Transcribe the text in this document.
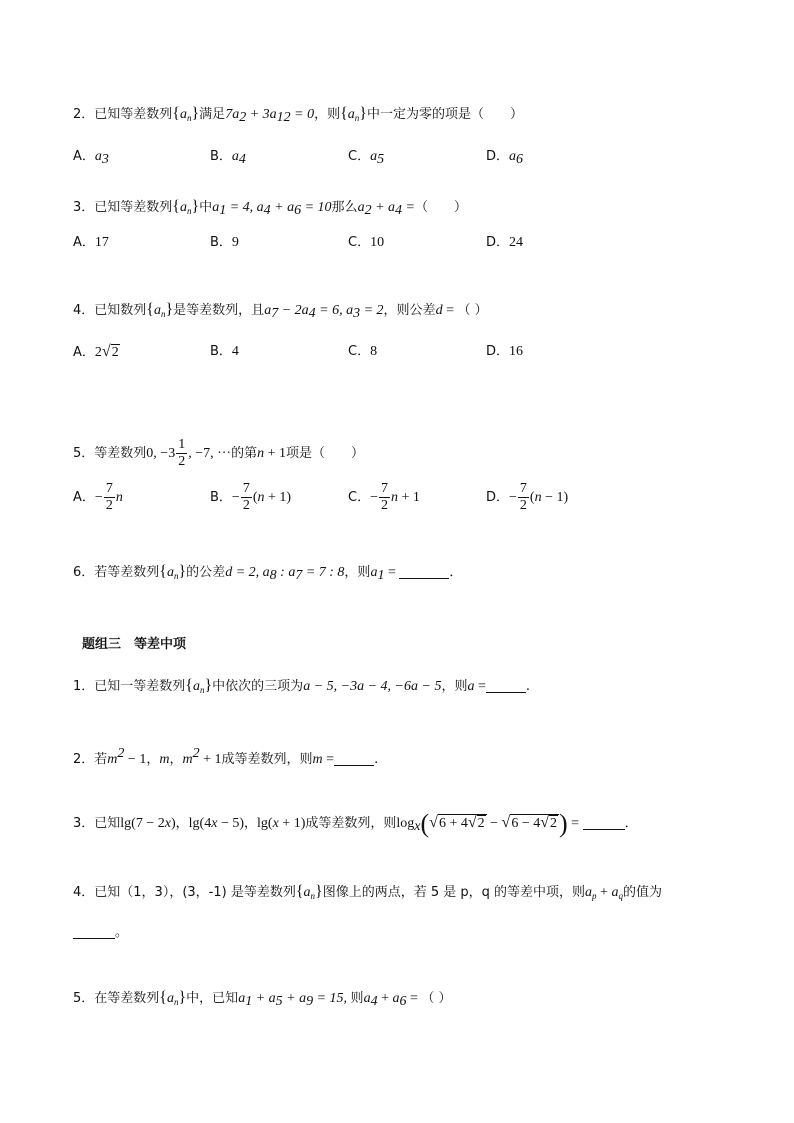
2．已知等差数列$\{a_n\}$满足$7a_2 + 3a_{12} = 0$，则$\{a_n\}$中一定为零的项是（　　）
A．$a_3$	B．$a_4$	C．$a_5$	D．$a_6$
3．已知等差数列$\{a_n\}$中$a_1 = 4$, $a_4 + a_6 = 10$那么$a_2 + a_4$ =（　　）
A．17	B．9	C．10	D．24
4．已知数列$\{a_n\}$是等差数列，且$a_7 - 2a_4 = 6$, $a_3 = 2$，则公差d = （ ）
A．2√2	B．4	C．8	D．16
5．等差数列0, $-3 \frac{1}{2}$ , −7, ···的第n + 1项是（　　）
A．− $\frac{7}{2}$ n	B．− $\frac{7}{2} (n + 1)$	C．− $\frac{7}{2}$ n + 1	D．− $\frac{7}{2} (n - 1)$
6．若等差数列$\{a_n\}$的公差d = 2, $a_8$ : $a_7 = 7$ : 8，则$a_1$ =	．
题组三　等差中项
1．已知一等差数列$\{a_n\}$中依次的三项为a − 5, −3a − 4, −6a − 5，则a =	.
2．若$m^2 - 1$，m，$m^2 + 1$成等差数列，则m =	.
3．已知lg(7 − 2x)，lg(4x − 5)，lg(x + 1)成等差数列，则$\log_x(√6 + 4√2 - √6 - 4√2)$ =	．
4．已知（1，3），(3，-1) 是等差数列$\{a_n\}$图像上的两点，若 5 是 p，q 的等差中项，则$a_p + a_q$的值为
。
5．在等差数列$\{a_n\}$中，已知$a_1 + a_5 + a_9 = 15$, 则$a_4 + a_6$ = （ ）
